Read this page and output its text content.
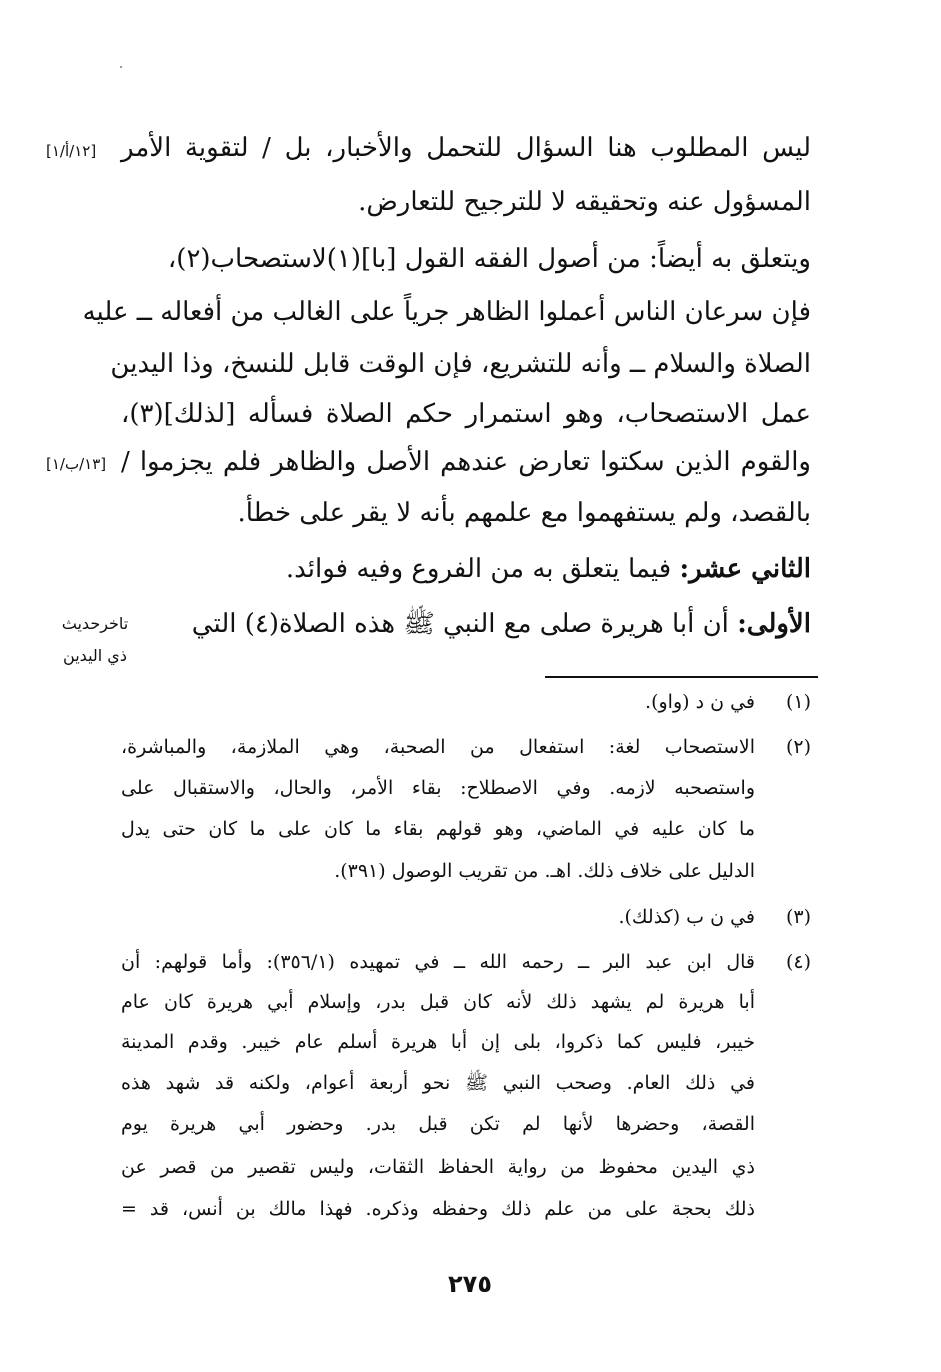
ليس المطلوب هنا السؤال للتحمل والأخبار، بل / لتقوية الأمر
المسؤول عنه وتحقيقه لا للترجيح للتعارض.
ويتعلق به أيضاً: من أصول الفقه القول [با](١)لاستصحاب(٢)،
فإن سرعان الناس أعملوا الظاهر جرياً على الغالب من أفعاله ــ عليه
الصلاة والسلام ــ وأنه للتشريع، فإن الوقت قابل للنسخ، وذا اليدين
عمل الاستصحاب، وهو استمرار حكم الصلاة فسأله [لذلك](٣)،
والقوم الذين سكتوا تعارض عندهم الأصل والظاهر فلم يجزموا /
بالقصد، ولم يستفهموا مع علمهم بأنه لا يقر على خطأ.
الثاني عشر: فيما يتعلق به من الفروع وفيه فوائد.
الأولى: أن أبا هريرة صلى مع النبي ﷺ هذه الصلاة(٤) التي
[١٢/أ/١]
[١٣/ب/١]
تاخرحديث
ذي اليدين
(١)
في ن د (واو).
(٢)
الاستصحاب لغة: استفعال من الصحبة، وهي الملازمة، والمباشرة،
واستصحبه لازمه. وفي الاصطلاح: بقاء الأمر، والحال، والاستقبال على
ما كان عليه في الماضي، وهو قولهم بقاء ما كان على ما كان حتى يدل
الدليل على خلاف ذلك. اهـ. من تقريب الوصول (٣٩١).
(٣)
في ن ب (كذلك).
(٤)
قال ابن عبد البر ــ رحمه الله ــ في تمهيده (٣٥٦/١): وأما قولهم: أن
أبا هريرة لم يشهد ذلك لأنه كان قبل بدر، وإسلام أبي هريرة كان عام
خيبر، فليس كما ذكروا، بلى إن أبا هريرة أسلم عام خيبر. وقدم المدينة
في ذلك العام. وصحب النبي ﷺ نحو أربعة أعوام، ولكنه قد شهد هذه
القصة، وحضرها لأنها لم تكن قبل بدر. وحضور أبي هريرة يوم
ذي اليدين محفوظ من رواية الحفاظ الثقات، وليس تقصير من قصر عن
ذلك بحجة على من علم ذلك وحفظه وذكره. فهذا مالك بن أنس، قد =
٢٧٥
